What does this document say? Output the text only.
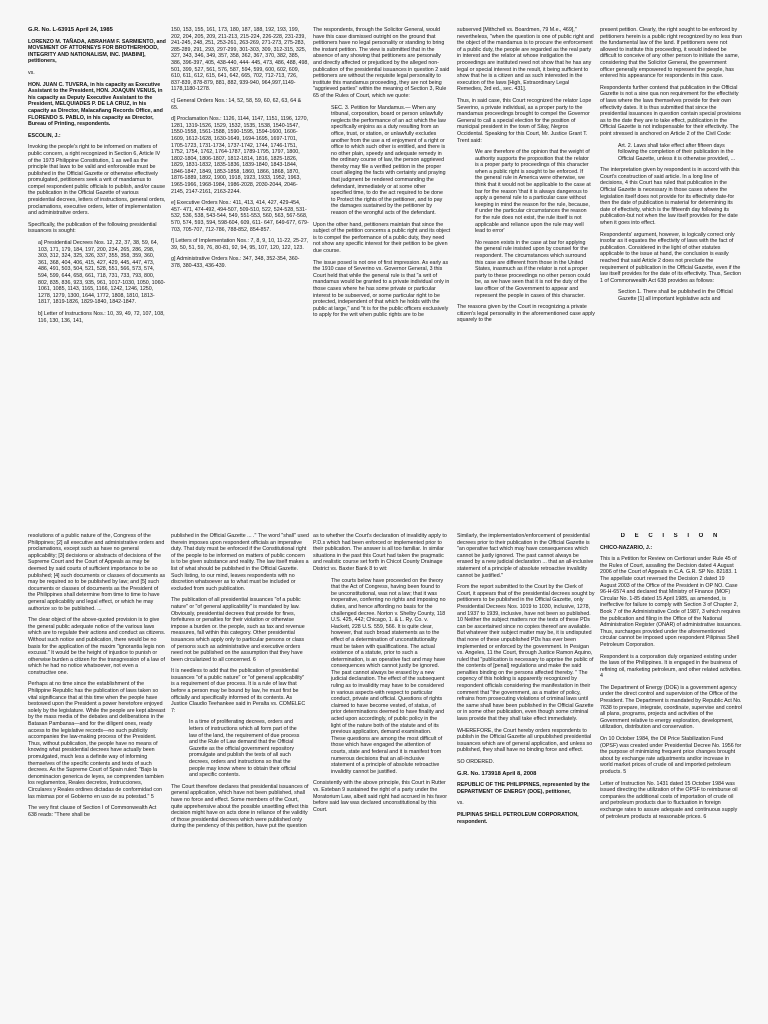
G.R. No. L-63915 April 24, 1985

LORENZO M. TAÑADA, ABRAHAM F. SARMIENTO, and MOVEMENT OF ATTORNEYS FOR BROTHERHOOD, INTEGRITY AND NATIONALISM, INC. [MABINI], petitioners,

vs.

HON. JUAN C. TUVERA, in his capacity as Executive Assistant to the President, HON. JOAQUIN VENUS, in his capacity as Deputy Executive Assistant to the President, MELQUIADES P. DE LA CRUZ, in his capacity as Director, Malacañang Records Office, and FLORENDO S. PABLO, in his capacity as Director, Bureau of Printing, respondents.

ESCOLIN, J.:

Invoking the people's right to be informed on matters of public concern, a right recognized in Section 6, Article IV of the 1973 Philippine Constitution, 1 as well as the principle that laws to be valid and enforceable must be published in the Official Gazette or otherwise effectively promulgated, petitioners seek a writ of mandamus to compel respondent public officials to publish, and/or cause the publication in the Official Gazette of various presidential decrees, letters of instructions, general orders, proclamations, executive orders, letter of implementation and administrative orders.

Specifically, the publication of the following presidential issuances is sought:

a] Presidential Decrees Nos. 12, 22, 37, 38, 59, 64, 103, 171, 179, 184, 197, 200, 234, 265, 286, 298, 303, 312, 324, 325, 326, 337, 355, 358, 359, 360, 361, 368, 404, 406, 415, 427, 429, 445, 447, 473, 486, 491, 503, 504, 521, 528, 551, 566, 573, 574, 594, 599, 644, 658, 661, 718, 731, 733, 793, 800, 802, 835, 836, 923, 935, 961, 1017-1030, 1050, 1060-1061, 1085, 1143, 1165, 1166, 1242, 1246, 1250, 1278, 1279, 1300, 1644, 1772, 1808, 1810, 1813-1817, 1819-1826, 1829-1840, 1842-1847.

b] Letter of Instructions Nos.: 10, 39, 49, 72, 107, 108, 116, 130, 136, 141,

150, 153, 155, 161, 173, 180, 187, 188, 192, 193, 199, 202, 204, 205, 209, 211-213, 215-224, 226-228, 231-239, 241-245, 248, 251, 253-261, 263-269, 271-273, 275-283, 285-289, 291, 293, 297-299, 301-303, 309, 312-315, 325, 327, 343, 346, 349, 357, 358, 362, 367, 370, 382, 385, 386, 396-397, 405, 438-440, 444- 445, 473, 486, 488, 498, 501, 399, 527, 561, 576, 587, 594, 599, 600, 602, 609, 610, 611, 612, 615, 641, 642, 665, 702, 712-713, 726, 837-839, 878-879, 881, 882, 939-940, 964,997,1149-1178,1180-1278.

c] General Orders Nos.: 14, 52, 58, 59, 60, 62, 63, 64 & 65.

d] Proclamation Nos.: 1126, 1144, 1147, 1151, 1196, 1270, 1281, 1319-1526, 1529, 1532, 1535, 1538, 1540-1547, 1550-1558, 1561-1588, 1590-1595, 1594-1600, 1606-1609, 1612-1628, 1630-1649, 1694-1695, 1697-1701, 1705-1723, 1731-1734, 1737-1742, 1744, 1746-1751, 1752, 1754, 1762, 1764-1787, 1789-1795, 1797, 1800, 1802-1804, 1806-1807, 1812-1814, 1816, 1825-1826, 1829, 1831-1832, 1835-1836, 1839-1840, 1843-1844, 1846-1847, 1849, 1853-1858, 1860, 1866, 1868, 1870, 1876-1889, 1892, 1900, 1918, 1923, 1933, 1952, 1963, 1965-1966, 1968-1984, 1986-2028, 2030-2044, 2046-2145, 2147-2161, 2163-2244.

e] Executive Orders Nos.: 411, 413, 414, 427, 429-454, 457- 471, 474-492, 494-507, 509-510, 522, 524-528, 531-532, 536, 538, 543-544, 549, 551-553, 560, 563, 567-568, 570, 574, 593, 594, 598-604, 609, 611- 647, 649-677, 679-703, 705-707, 712-786, 788-852, 854-857.

f] Letters of Implementation Nos.: 7, 8, 9, 10, 11-22, 25-27, 39, 50, 51, 59, 76, 80-81, 92, 94, 95, 107, 120, 122, 123.

g] Administrative Orders Nos.: 347, 348, 352-354, 360- 378, 380-433, 436-439.

The respondents, through the Solicitor General, would have this case dismissed outright on the ground that petitioners have no legal personality or standing to bring the instant petition. The view is submitted that in the absence of any showing that petitioners are personally and directly affected or prejudiced by the alleged non-publication of the presidential issuances in question 2 said petitioners are without the requisite legal personality to institute this mandamus proceeding, they are not being "aggrieved parties" within the meaning of Section 3, Rule 65 of the Rules of Court, which we quote:

SEC. 3. Petition for Mandamus.— When any tribunal, corporation, board or person unlawfully neglects the performance of an act which the law specifically enjoins as a duty resulting from an office, trust, or station, or unlawfully excludes another from the use a rd enjoyment of a right or office to which such other is entitled, and there is no other plain, speedy and adequate remedy in the ordinary course of law, the person aggrieved thereby may file a verified petition in the proper court alleging the facts with certainty and praying that judgment be rendered commanding the defendant, immediately or at some other specified time, to do the act required to be done to Protect the rights of the petitioner, and to pay the damages sustained by the petitioner by reason of the wrongful acts of the defendant.

Upon the other hand, petitioners maintain that since the subject of the petition concerns a public right and its object is to compel the performance of a public duty, they need not show any specific interest for their petition to be given due course.

The issue posed is not one of first impression. As early as the 1910 case of Severino vs. Governor General, 3 this Court held that while the general rule is that "a writ of mandamus would be granted to a private individual only in those cases where he has some private or particular interest to be subserved, or some particular right to be protected, independent of that which he holds with the public at large," and "it is for the public officers exclusively to apply for the writ when public rights are to be

subserved [Mithchell vs. Boardmen, 79 M.e., 469]," nevertheless, "when the question is one of public right and the object of the mandamus is to procure the enforcement of a public duty, the people are regarded as the real party in interest and the relator at whose instigation the proceedings are instituted need not show that he has any legal or special interest in the result, it being sufficient to show that he is a citizen and as such interested in the execution of the laws [High, Extraordinary Legal Remedies, 3rd ed., sec. 431].

Thus, in said case, this Court recognized the relator Lope Severino, a private individual, as a proper party to the mandamus proceedings brought to compel the Governor General to call a special election for the position of municipal president in the town of Silay, Negros Occidental. Speaking for this Court, Mr. Justice Grant T. Trent said:

We are therefore of the opinion that the weight of authority supports the proposition that the relator is a proper party to proceedings of this character when a public right is sought to be enforced. If the general rule in America were otherwise, we think that it would not be applicable to the case at bar for the reason 'that it is always dangerous to apply a general rule to a particular case without keeping in mind the reason for the rule, because, if under the particular circumstances the reason for the rule does not exist, the rule itself is not applicable and reliance upon the rule may well lead to error'

No reason exists in the case at bar for applying the general rule insisted upon by counsel for the respondent. The circumstances which surround this case are different from those in the United States, inasmuch as if the relator is not a proper party to these proceedings no other person could be, as we have seen that it is not the duty of the law officer of the Government to appear and represent the people in cases of this character.

The reasons given by the Court in recognizing a private citizen's legal personality in the aforementioned case apply squarely to the

present petition. Clearly, the right sought to be enforced by petitioners herein is a public right recognized by no less than the fundamental law of the land. If petitioners were not allowed to institute this proceeding, it would indeed be difficult to conceive of any other person to initiate the same, considering that the Solicitor General, the government officer generally empowered to represent the people, has entered his appearance for respondents in this case.

Respondents further contend that publication in the Official Gazette is not a sine qua non requirement for the effectivity of laws where the laws themselves provide for their own effectivity dates. It is thus submitted that since the presidential issuances in question contain special provisions as to the date they are to take effect, publication in the Official Gazette is not indispensable for their effectivity. The point stressed is anchored on Article 2 of the Civil Code:

Art. 2. Laws shall take effect after fifteen days following the completion of their publication in the Official Gazette, unless it is otherwise provided, ...

The interpretation given by respondent is in accord with this Court's construction of said article. In a long line of decisions, 4 this Court has ruled that publication in the Official Gazette is necessary in those cases where the legislation itself does not provide for its effectivity date-for then the date of publication is material for determining its date of effectivity, which is the fifteenth day following its publication-but not when the law itself provides for the date when it goes into effect.

Respondents' argument, however, is logically correct only insofar as it equates the effectivity of laws with the fact of publication. Considered in the light of other statutes applicable to the issue at hand, the conclusion is easily reached that said Article 2 does not preclude the requirement of publication in the Official Gazette, even if the law itself provides for the date of its effectivity. Thus, Section 1 of Commonwealth Act 638 provides as follows:

Section 1. There shall be published in the Official Gazette [1] all important legislative acts and

resolutions of a public nature of the, Congress of the Philippines; [2] all executive and administrative orders and proclamations, except such as have no general applicability; [3] decisions or abstracts of decisions of the Supreme Court and the Court of Appeals as may be deemed by said courts of sufficient importance to be so published; [4] such documents or classes of documents as may be required so to be published by law; and [5] such documents or classes of documents as the President of the Philippines shall determine from time to time to have general applicability and legal effect, or which he may authorize so to be published. ...

The clear object of the above-quoted provision is to give the general public adequate notice of the various laws which are to regulate their actions and conduct as citizens. Without such notice and publication, there would be no basis for the application of the maxim "ignorantia legis non excusat." It would be the height of injustice to punish or otherwise burden a citizen for the transgression of a law of which he had no notice whatsoever, not even a constructive one.

Perhaps at no time since the establishment of the Philippine Republic has the publication of laws taken so vital significance that at this time when the people have bestowed upon the President a power heretofore enjoyed solely by the legislature. While the people are kept abreast by the mass media of the debates and deliberations in the Batasan Pambansa—and for the diligent ones, ready access to the legislative records—no such publicity accompanies the law-making process of the President. Thus, without publication, the people have no means of knowing what presidential decrees have actually been promulgated, much less a definite way of informing themselves of the specific contents and texts of such decrees. As the Supreme Court of Spain ruled: "Bajo la denominacion generica de leyes, se comprenden tambien los reglamentos, Reales decretos, Instrucciones, Circulares y Reales ordines dictadas de conformidad con las mismas por el Gobierno en uso de su potestad." 5

The very first clause of Section I of Commonwealth Act 638 reads: "There shall be

published in the Official Gazette ... ." The word "shall" used therein imposes upon respondent officials an imperative duty. That duty must be enforced if the Constitutional right of the people to be informed on matters of public concern is to be given substance and reality. The law itself makes a list of what should be published in the Official Gazette. Such listing, to our mind, leaves respondents with no discretion whatsoever as to what must be included or excluded from such publication.

The publication of all presidential issuances "of a public nature" or "of general applicability" is mandated by law. Obviously, presidential decrees that provide for fines, forfeitures or penalties for their violation or otherwise impose a burden or. the people, such as tax and revenue measures, fall within this category. Other presidential issuances which apply only to particular persons or class of persons such as administrative and executive orders need not be published on the assumption that they have been circularized to all concerned. 6

It is needless to add that the publication of presidential issuances "of a public nature" or "of general applicability" is a requirement of due process. It is a rule of law that before a person may be bound by law, he must first be officially and specifically informed of its contents. As Justice Claudio Teehankee said in Peralta vs. COMELEC 7:

In a time of proliferating decrees, orders and letters of instructions which all form part of the law of the land, the requirement of due process and the Rule of Law demand that the Official Gazette as the official government repository promulgate and publish the texts of all such decrees, orders and instructions so that the people may know where to obtain their official and specific contents.

The Court therefore declares that presidential issuances of general application, which have not been published, shall have no force and effect. Some members of the Court, quite apprehensive about the possible unsettling effect this decision might have on acts done in reliance of the validity of those presidential decrees which were published only during the pendency of this petition, have put the question

as to whether the Court's declaration of invalidity apply to P.D.s which had been enforced or implemented prior to their publication. The answer is all too familiar. In similar situations in the past this Court had taken the pragmatic and realistic course set forth in Chicot County Drainage District vs. Baxter Bank 8 to wit:

The courts below have proceeded on the theory that the Act of Congress, having been found to be unconstitutional, was not a law; that it was inoperative, conferring no rights and imposing no duties, and hence affording no basis for the challenged decree. Norton v. Shelby County, 118 U.S. 425, 442; Chicago, 1. & L. Ry. Co. v. Hackett, 228 U.S. 559, 566. It is quite clear, however, that such broad statements as to the effect of a determination of unconstitutionality must be taken with qualifications. The actual existence of a statute, prior to such a determination, is an operative fact and may have consequences which cannot justly be ignored. The past cannot always be erased by a new judicial declaration. The effect of the subsequent ruling as to invalidity may have to be considered in various aspects-with respect to particular conduct, private and official. Questions of rights claimed to have become vested, of status, of prior determinations deemed to have finality and acted upon accordingly, of public policy in the light of the nature both of the statute and of its previous application, demand examination. These questions are among the most difficult of those which have engaged the attention of courts, state and federal and it is manifest from numerous decisions that an all-inclusive statement of a principle of absolute retroactive invalidity cannot be justified.

Consistently with the above principle, this Court in Rutter vs. Esteban 9 sustained the right of a party under the Moratorium Law, albeit said right had accrued in his favor before said law was declared unconstitutional by this Court.

Similarly, the implementation/enforcement of presidential decrees prior to their publication in the Official Gazette is "an operative fact which may have consequences which cannot be justly ignored. The past cannot always be erased by a new judicial declaration ... that an all-inclusive statement of a principle of absolute retroactive invalidity cannot be justified."

From the report submitted to the Court by the Clerk of Court, it appears that of the presidential decrees sought by petitioners to be published in the Official Gazette, only Presidential Decrees Nos. 1019 to 1030, inclusive, 1278, and 1937 to 1939, inclusive, have not been so published. 10 Neither the subject matters nor the texts of these PDs can be ascertained since no copies thereof are available. But whatever their subject matter may be, it is undisputed that none of these unpublished PDs has ever been implemented or enforced by the government. In Pesigan vs. Angeles, 11 the Court, through Justice Ramon Aquino, ruled that "publication is necessary to apprise the public of the contents of [penal] regulations and make the said penalties binding on the persons affected thereby. " The cogency of this holding is apparently recognized by respondent officials considering the manifestation in their comment that "the government, as a matter of policy, refrains from prosecuting violations of criminal laws until the same shall have been published in the Official Gazette or in some other publication, even though some criminal laws provide that they shall take effect immediately.

WHEREFORE, the Court hereby orders respondents to publish in the Official Gazette all unpublished presidential issuances which are of general application, and unless so published, they shall have no binding force and effect.

SO ORDERED.

G.R. No. 173918 April 8, 2008

REPUBLIC OF THE PHILIPPINES, represented by the DEPARTMENT OF ENERGY (DOE), petitioner,

vs.

PILIPINAS SHELL PETROLEUM CORPORATION, respondent.

D E C I S I O N

CHICO-NAZARIO, J.:

This is a Petition for Review on Certiorari under Rule 45 of the Rules of Court, assailing the Decision dated 4 August 2006 of the Court of Appeals in C.A. G.R. SP No. 82183. 1 The appellate court reversed the Decision 2 dated 19 August 2003 of the Office of the President in OP NO. Case 96-H-6574 and declared that Ministry of Finance (MOF) Circular No. 1-85 dated 15 April 1985, as amended, is ineffective for failure to comply with Section 3 of Chapter 2, Book 7 of the Administrative Code of 1987, 3 which requires the publication and filing in the Office of the National Administration Register (ONAR) of administrative issuances. Thus, surcharges provided under the aforementioned circular cannot be imposed upon respondent Pilipinas Shell Petroleum Corporation.

Respondent is a corporation duly organized existing under the laws of the Philippines. It is engaged in the business of refining oil, marketing petroleum, and other related activities. 4

The Department of Energy (DOE) is a government agency under the direct control and supervision of the Office of the President. The Department is mandated by Republic Act No. 7638 to prepare, integrate, coordinate, supervise and control all plans, programs, projects and activities of the Government relative to energy exploration, development, utilization, distribution and conservation.

On 10 October 1984, the Oil Price Stabilization Fund (OPSF) was created under Presidential Decree No. 1956 for the purpose of minimizing frequent price changes brought about by exchange rate adjustments and/or increase in world market prices of crude oil and imported petroleum products. 5

Letter of Instruction No. 1431 dated 15 October 1984 was issued directing the utilization of the OPSF to reimburse oil companies the additional costs of importation of crude oil and petroleum products due to fluctuation in foreign exchange rates to assure adequate and continuous supply of petroleum products at reasonable prices. 6
